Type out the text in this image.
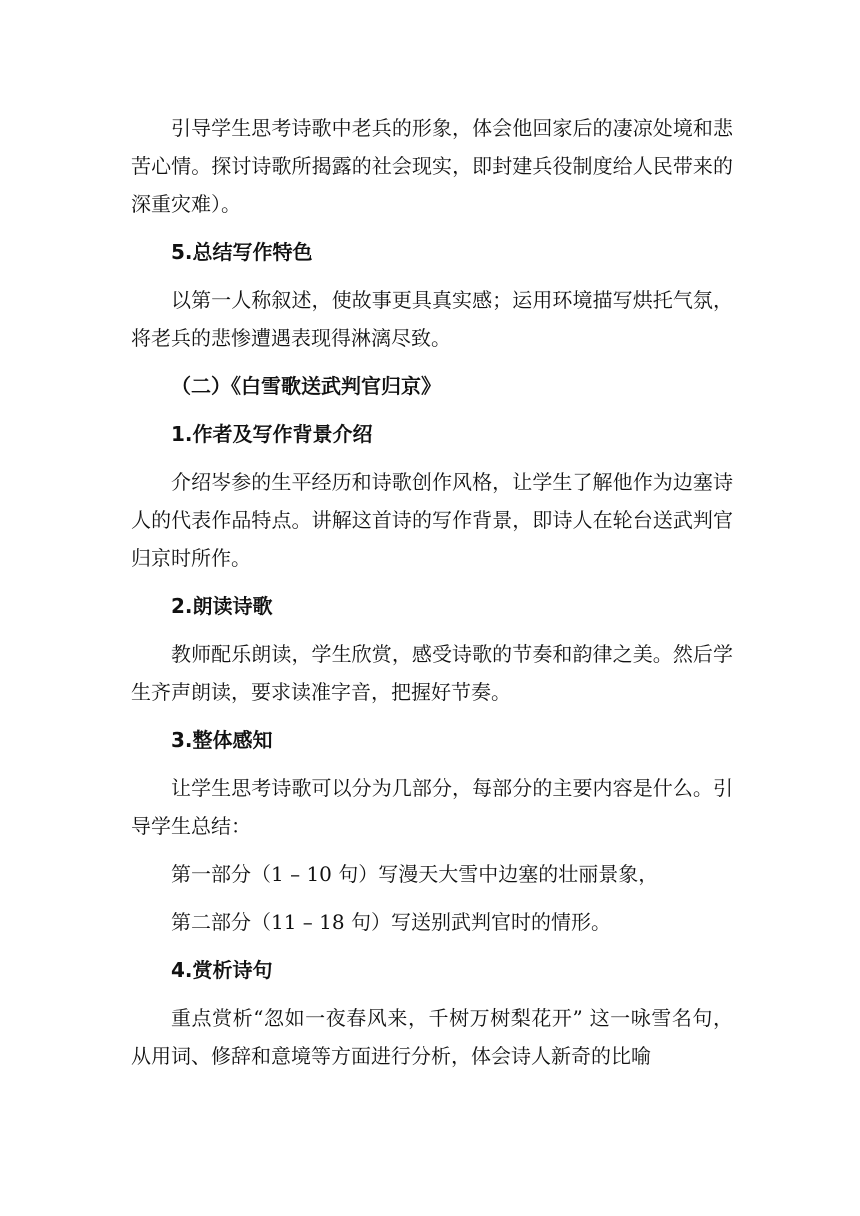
引导学生思考诗歌中老兵的形象，体会他回家后的凄凉处境和悲苦心情。探讨诗歌所揭露的社会现实，即封建兵役制度给人民带来的深重灾难）。

5.总结写作特色

以第一人称叙述，使故事更具真实感；运用环境描写烘托气氛，将老兵的悲惨遭遇表现得淋漓尽致。

（二）《白雪歌送武判官归京》

1.作者及写作背景介绍

介绍岑参的生平经历和诗歌创作风格，让学生了解他作为边塞诗人的代表作品特点。讲解这首诗的写作背景，即诗人在轮台送武判官归京时所作。

2.朗读诗歌

教师配乐朗读，学生欣赏，感受诗歌的节奏和韵律之美。然后学生齐声朗读，要求读准字音，把握好节奏。

3.整体感知

让学生思考诗歌可以分为几部分，每部分的主要内容是什么。引导学生总结：

第一部分（1 – 10 句）写漫天大雪中边塞的壮丽景象，

第二部分（11 – 18 句）写送别武判官时的情形。

4.赏析诗句

重点赏析“忽如一夜春风来，千树万树梨花开” 这一咏雪名句，从用词、修辞和意境等方面进行分析，体会诗人新奇的比喻
